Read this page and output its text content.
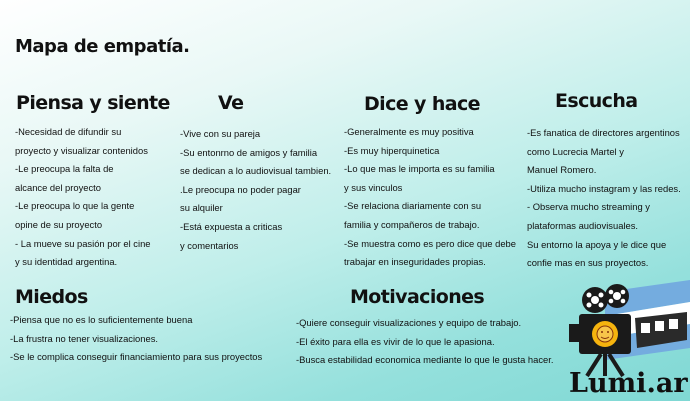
Mapa de empatía.
Piensa y siente
-Necesidad de difundir su
proyecto y visualizar contenidos
-Le preocupa la falta de
alcance del proyecto
-Le preocupa lo que la gente
opine de su proyecto
- La mueve su pasión por el cine
y su identidad argentina.
Ve
-Vive con su pareja
-Su entonrno de amigos y familia
se dedican a lo audiovisual tambien.
.Le preocupa no poder pagar
su alquiler
-Está expuesta a criticas
y comentarios
Dice y hace
-Generalmente es muy positiva
-Es muy hiperquinetica
-Lo que mas le importa es su familia
y sus vinculos
-Se relaciona diariamente con su
familia y compañeros de trabajo.
-Se muestra como es pero dice que debe
trabajar en inseguridades propias.
Escucha
-Es fanatica de directores argentinos
como Lucrecia Martel y
Manuel Romero.
-Utiliza mucho instagram y las redes.
- Observa mucho streaming y
plataformas audiovisuales.
Su entorno la apoya y le dice que
confie mas en sus proyectos.
Miedos
-Piensa que no es lo suficientemente buena
-La frustra no tener visualizaciones.
-Se le complica conseguir financiamiento para sus proyectos
Motivaciones
-Quiere conseguir visualizaciones y equipo de trabajo.
-El éxito para ella es vivir de lo que le apasiona.
-Busca estabilidad economica mediante lo que le gusta hacer.
Lumi.ar
